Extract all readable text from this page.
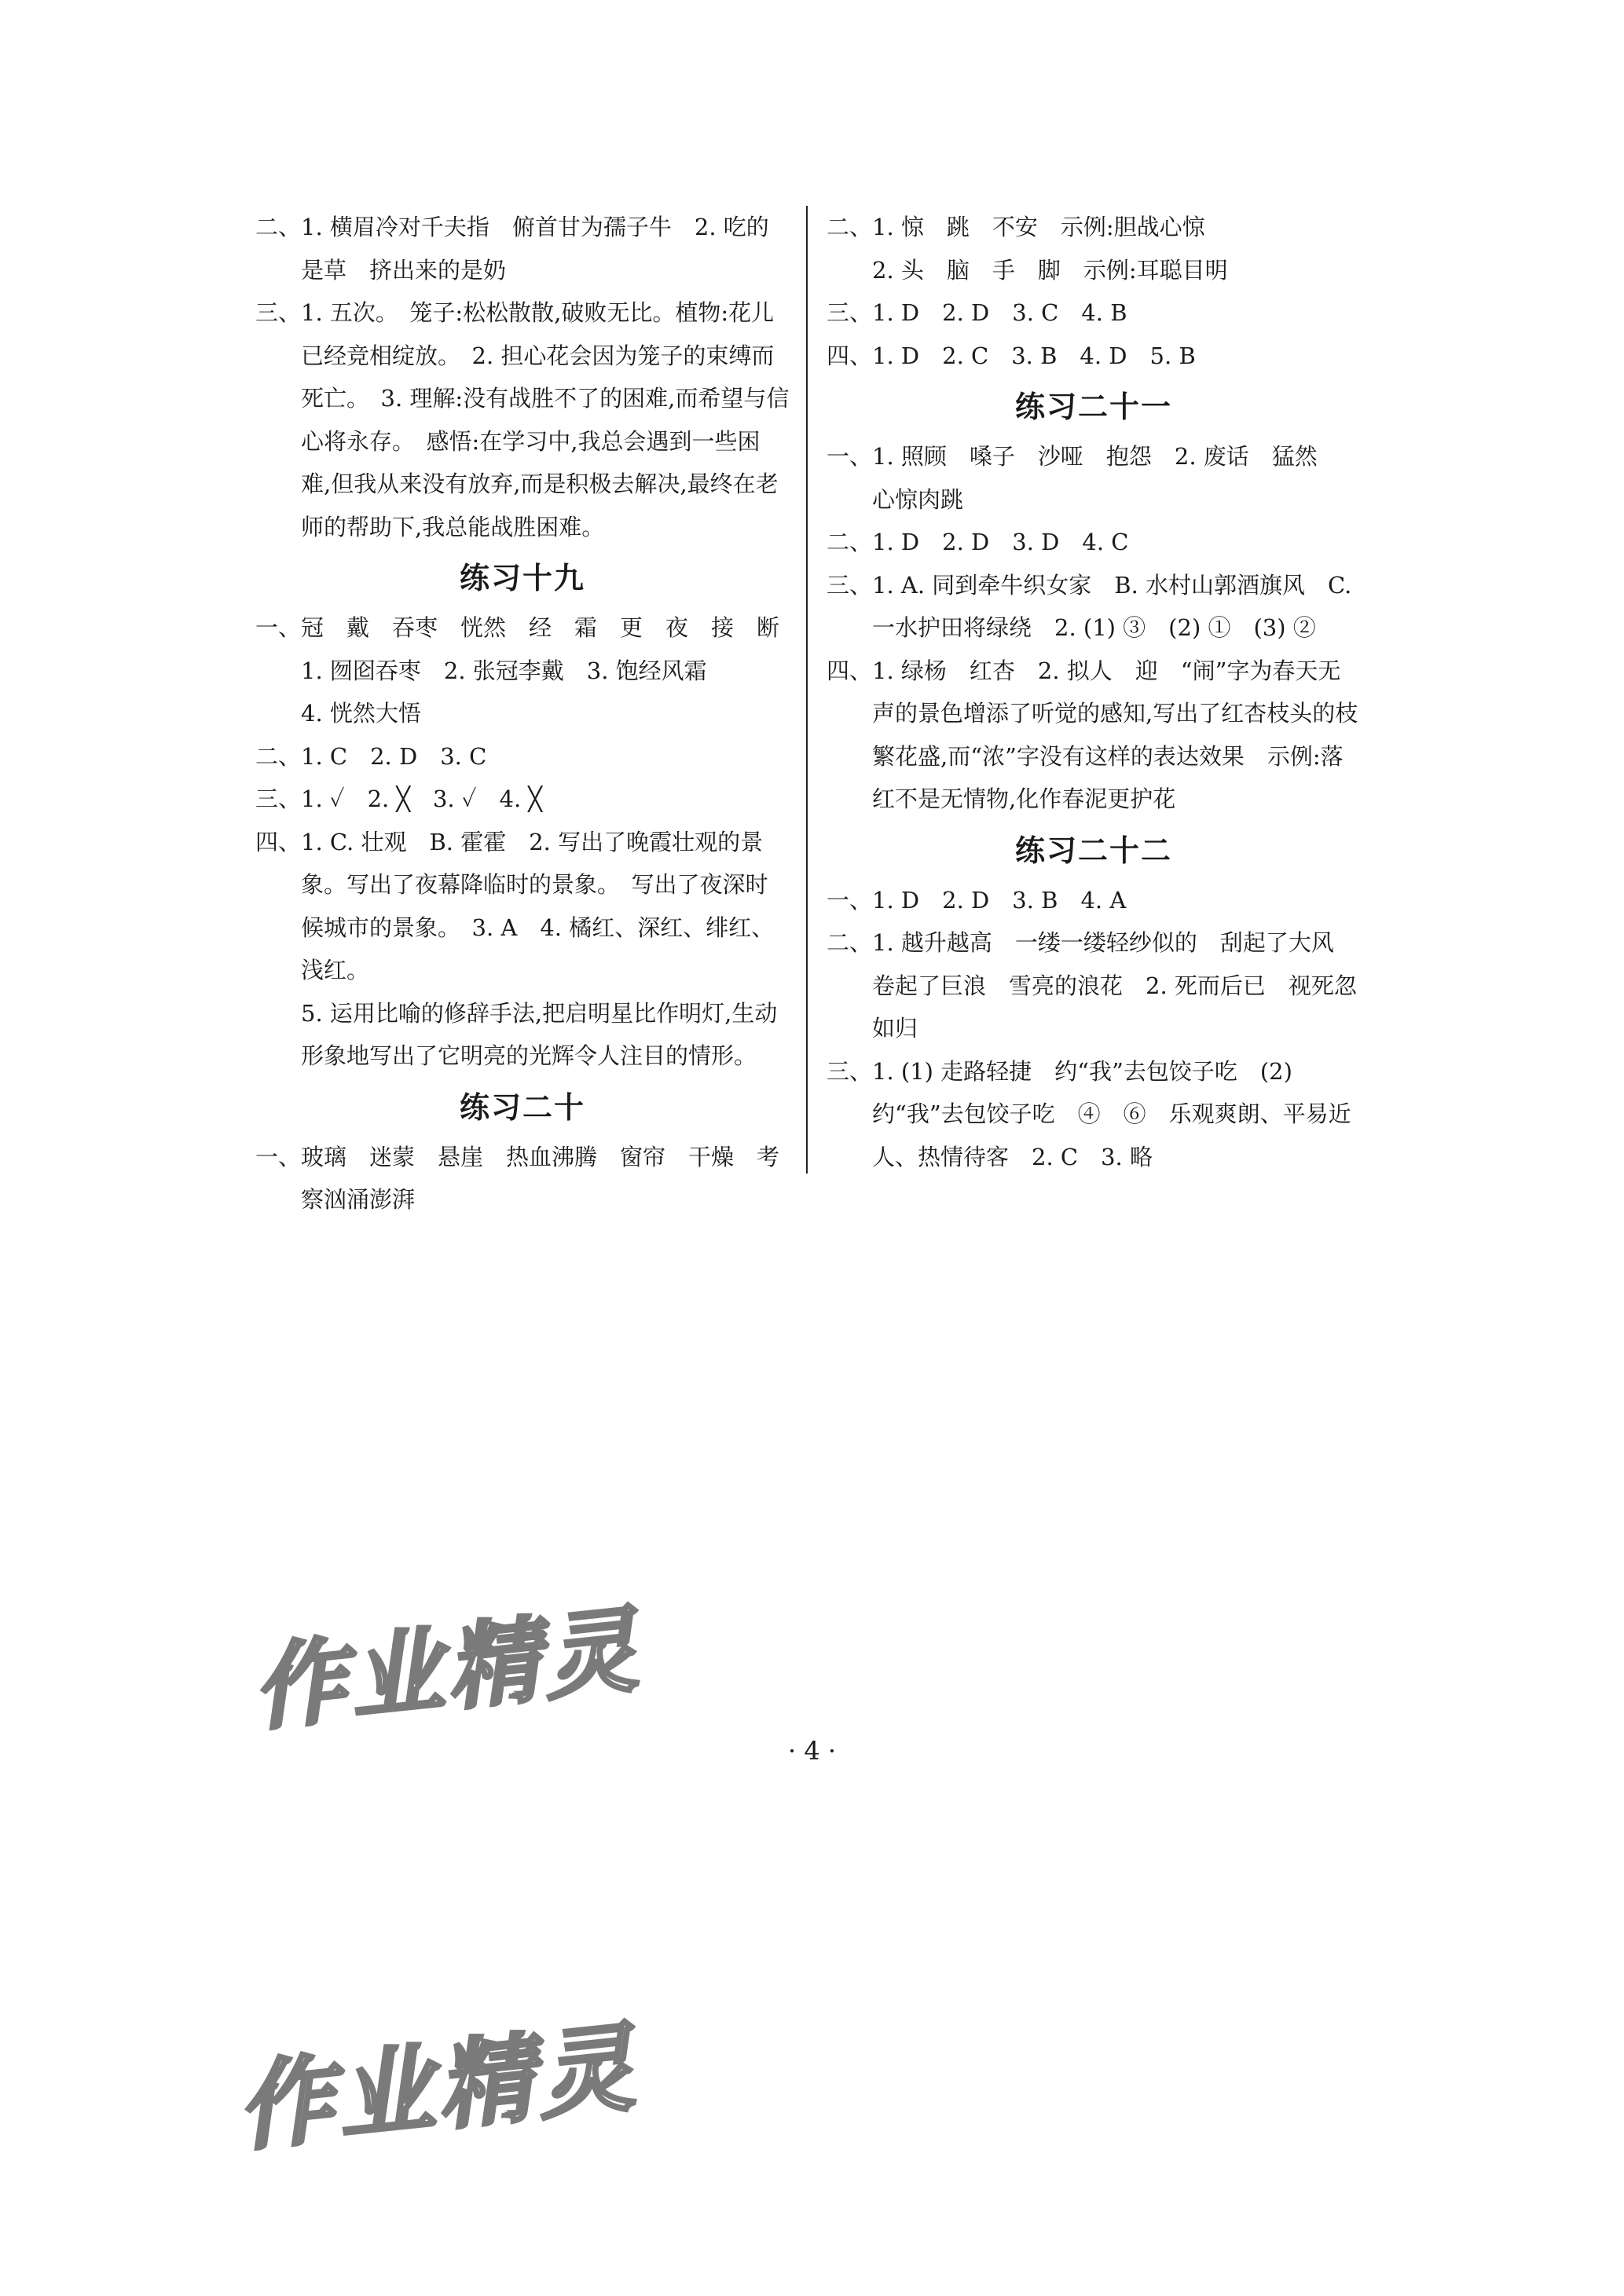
二、1. 横眉冷对千夫指　俯首甘为孺子牛　2. 吃的是草　挤出来的是奶

三、1. 五次。　笼子:松松散散,破败无比。植物:花儿已经竞相绽放。　2. 担心花会因为笼子的束缚而死亡。　3. 理解:没有战胜不了的困难,而希望与信心将永存。　感悟:在学习中,我总会遇到一些困难,但我从来没有放弃,而是积极去解决,最终在老师的帮助下,我总能战胜困难。

练习十九

一、冠　戴　吞枣　恍然　经　霜　更　夜　接　断

1. 囫囵吞枣　2. 张冠李戴　3. 饱经风霜

4. 恍然大悟

二、1. C　2. D　3. C

三、1. ✓　2. ╳　3. ✓　4. ╳

四、1. C. 壮观　B. 霍霍　2. 写出了晚霞壮观的景象。写出了夜幕降临时的景象。　写出了夜深时候城市的景象。　3. A　4. 橘红、深红、绯红、浅红。

5. 运用比喻的修辞手法,把启明星比作明灯,生动形象地写出了它明亮的光辉令人注目的情形。

练习二十

一、玻璃　迷蒙　悬崖　热血沸腾　窗帘　干燥　考察汹涌澎湃

二、1. 惊　跳　不安　示例:胆战心惊

2. 头　脑　手　脚　示例:耳聪目明

三、1. D　2. D　3. C　4. B

四、1. D　2. C　3. B　4. D　5. B

练习二十一

一、1. 照顾　嗓子　沙哑　抱怨　2. 废话　猛然　心惊肉跳

二、1. D　2. D　3. D　4. C

三、1. A. 同到牵牛织女家　B. 水村山郭酒旗风　C. 一水护田将绿绕　2. (1) ③　(2) ①　(3) ②

四、1. 绿杨　红杏　2. 拟人　迎　“闹”字为春天无声的景色增添了听觉的感知,写出了红杏枝头的枝繁花盛,而“浓”字没有这样的表达效果　示例:落红不是无情物,化作春泥更护花

练习二十二

一、1. D　2. D　3. B　4. A

二、1. 越升越高　一缕一缕轻纱似的　刮起了大风　卷起了巨浪　雪亮的浪花　2. 死而后已　视死忽如归

三、1. (1) 走路轻捷　约“我”去包饺子吃　(2) 约“我”去包饺子吃　④　⑥　乐观爽朗、平易近人、热情待客　2. C　3. 略

· 4 ·
作业精灵
作业精灵
